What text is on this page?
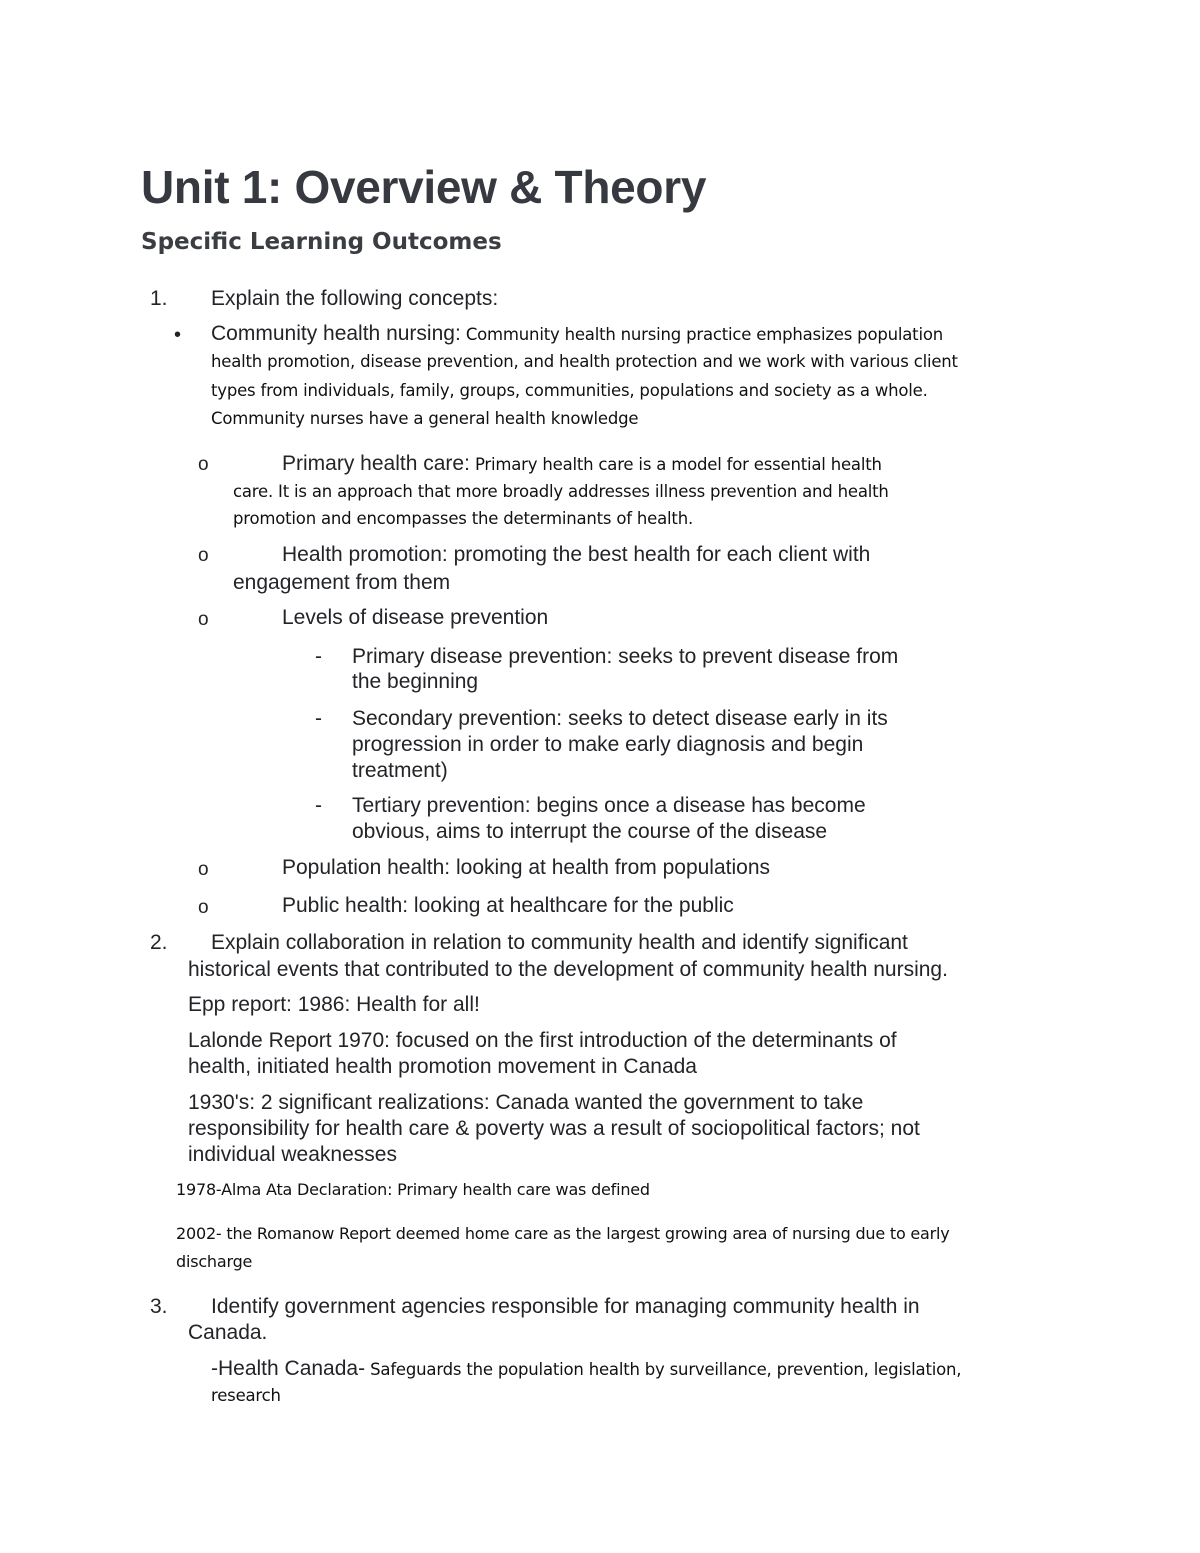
Unit 1: Overview & Theory
Specific Learning Outcomes
1. Explain the following concepts:
• Community health nursing: Community health nursing practice emphasizes population
health promotion, disease prevention, and health protection and we work with various client
types from individuals, family, groups, communities, populations and society as a whole.
Community nurses have a general health knowledge
o	Primary health care: Primary health care is a model for essential health
care. It is an approach that more broadly addresses illness prevention and health
promotion and encompasses the determinants of health.
o	Health promotion: promoting the best health for each client with
engagement from them
o	Levels of disease prevention
- Primary disease prevention: seeks to prevent disease from
the beginning
- Secondary prevention: seeks to detect disease early in its
progression in order to make early diagnosis and begin
treatment)
- Tertiary prevention: begins once a disease has become
obvious, aims to interrupt the course of the disease
o	Population health: looking at health from populations
o	Public health: looking at healthcare for the public
2. Explain collaboration in relation to community health and identify significant
historical events that contributed to the development of community health nursing.
Epp report: 1986: Health for all!
Lalonde Report 1970: focused on the first introduction of the determinants of
health, initiated health promotion movement in Canada
1930's: 2 significant realizations: Canada wanted the government to take
responsibility for health care & poverty was a result of sociopolitical factors; not
individual weaknesses
1978-Alma Ata Declaration: Primary health care was defined
2002- the Romanow Report deemed home care as the largest growing area of nursing due to early
discharge
3. Identify government agencies responsible for managing community health in
Canada.
-Health Canada- Safeguards the population health by surveillance, prevention, legislation,
research
